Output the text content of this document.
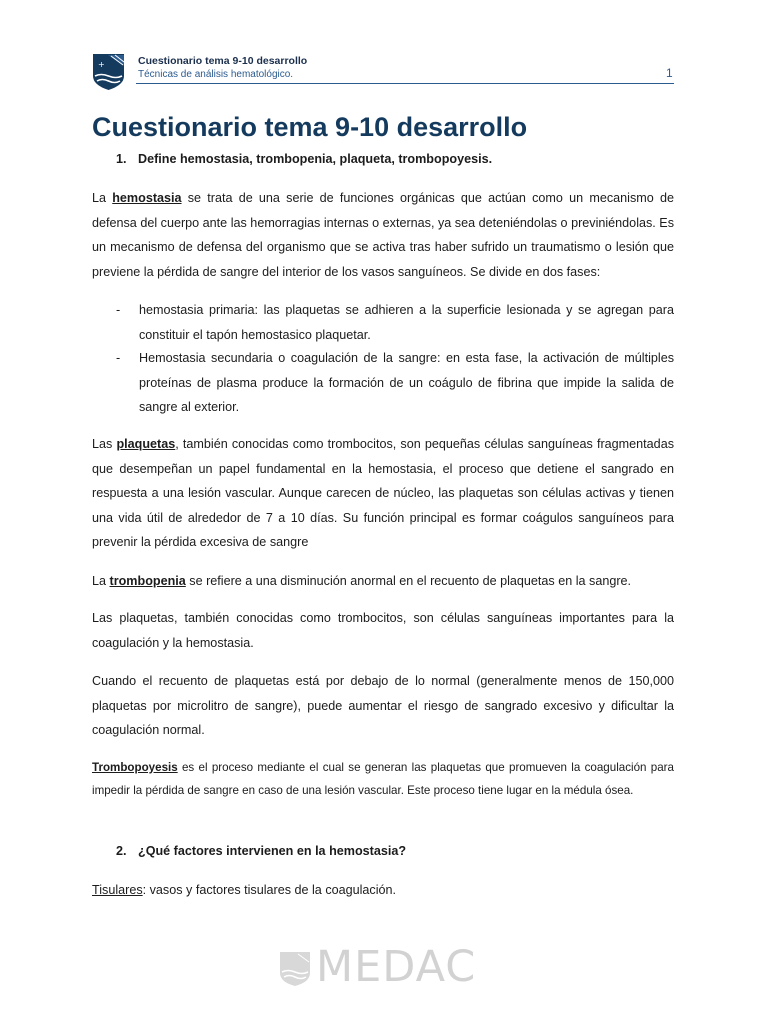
+	Cuestionario tema 9-10 desarrollo
Técnicas de análisis hematológico.	1
Cuestionario tema 9-10 desarrollo

1. Define hemostasia, trombopenia, plaqueta, trombopoyesis.

La hemostasia se trata de una serie de funciones orgánicas que actúan como un mecanismo de defensa del cuerpo ante las hemorragias internas o externas, ya sea deteniéndolas o previniéndolas. Es un mecanismo de defensa del organismo que se activa tras haber sufrido un traumatismo o lesión que previene la pérdida de sangre del interior de los vasos sanguíneos. Se divide en dos fases:

- hemostasia primaria: las plaquetas se adhieren a la superficie lesionada y se agregan para constituir el tapón hemostasico plaquetar.
- Hemostasia secundaria o coagulación de la sangre: en esta fase, la activación de múltiples proteínas de plasma produce la formación de un coágulo de fibrina que impide la salida de sangre al exterior.

Las plaquetas, también conocidas como trombocitos, son pequeñas células sanguíneas fragmentadas que desempeñan un papel fundamental en la hemostasia, el proceso que detiene el sangrado en respuesta a una lesión vascular. Aunque carecen de núcleo, las plaquetas son células activas y tienen una vida útil de alrededor de 7 a 10 días. Su función principal es formar coágulos sanguíneos para prevenir la pérdida excesiva de sangre

La trombopenia se refiere a una disminución anormal en el recuento de plaquetas en la sangre.

Las plaquetas, también conocidas como trombocitos, son células sanguíneas importantes para la coagulación y la hemostasia.

Cuando el recuento de plaquetas está por debajo de lo normal (generalmente menos de 150,000 plaquetas por microlitro de sangre), puede aumentar el riesgo de sangrado excesivo y dificultar la coagulación normal.

Trombopoyesis es el proceso mediante el cual se generan las plaquetas que promueven la coagulación para impedir la pérdida de sangre en caso de una lesión vascular. Este proceso tiene lugar en la médula ósea.

2. ¿Qué factores intervienen en la hemostasia?

Tisulares: vasos y factores tisulares de la coagulación.

MEDAC
